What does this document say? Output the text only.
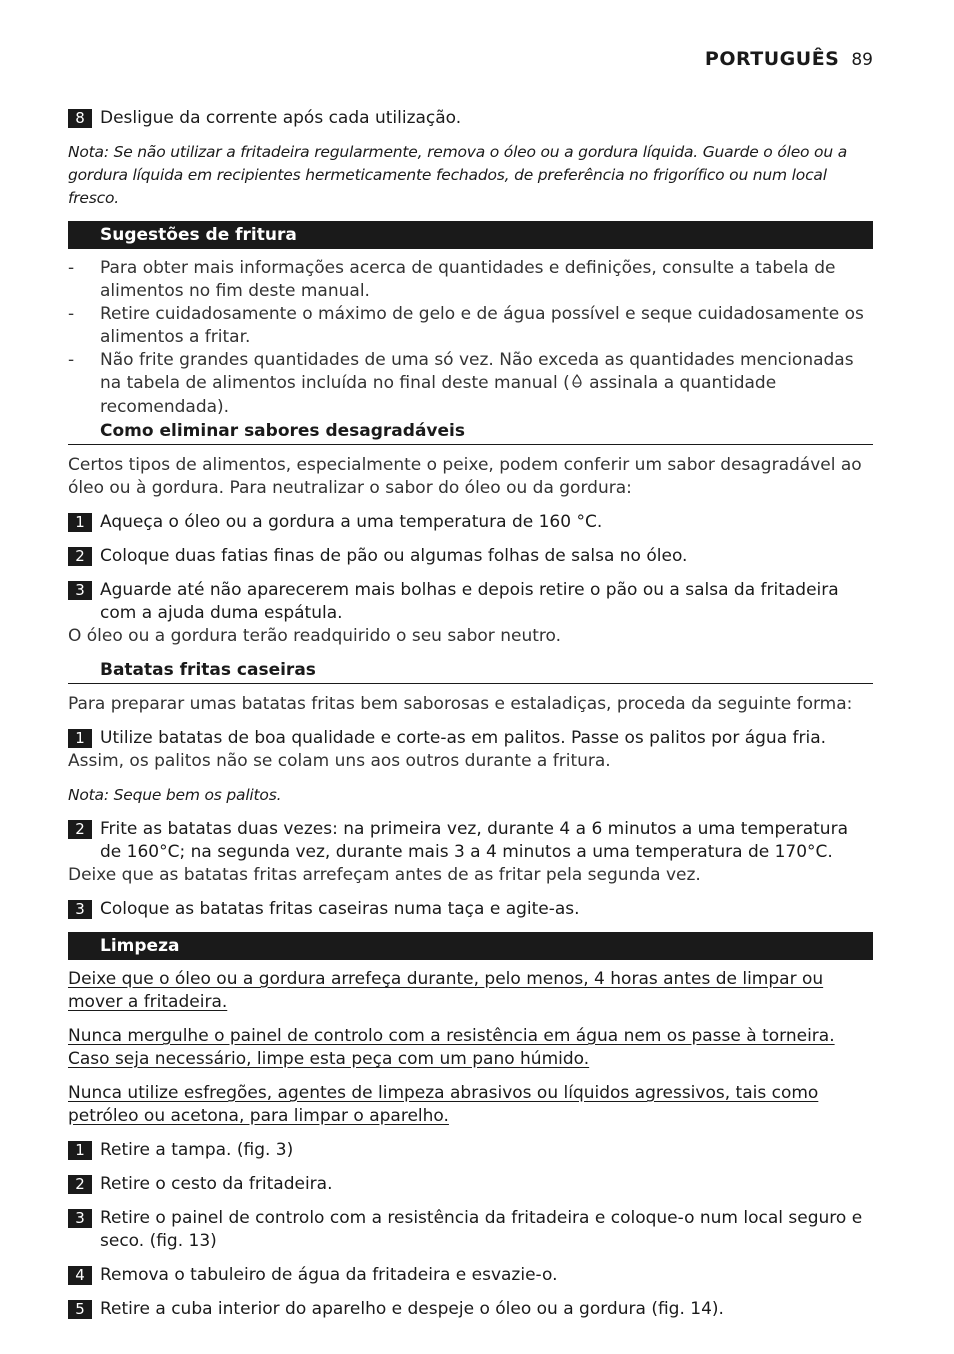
PORTUGUÊS 89
8 Desligue da corrente após cada utilização.

Nota: Se não utilizar a fritadeira regularmente, remova o óleo ou a gordura líquida. Guarde o óleo ou a gordura líquida em recipientes hermeticamente fechados, de preferência no frigorífico ou num local fresco.

Sugestões de fritura
- Para obter mais informações acerca de quantidades e definições, consulte a tabela de alimentos no fim deste manual.
- Retire cuidadosamente o máximo de gelo e de água possível e seque cuidadosamente os alimentos a fritar.
- Não frite grandes quantidades de uma só vez. Não exceda as quantidades mencionadas na tabela de alimentos incluída no final deste manual ( assinala a quantidade recomendada).
Como eliminar sabores desagradáveis

Certos tipos de alimentos, especialmente o peixe, podem conferir um sabor desagradável ao óleo ou à gordura. Para neutralizar o sabor do óleo ou da gordura:

1 Aqueça o óleo ou a gordura a uma temperatura de 160 °C.
2 Coloque duas fatias finas de pão ou algumas folhas de salsa no óleo.
3 Aguarde até não aparecerem mais bolhas e depois retire o pão ou a salsa da fritadeira com a ajuda duma espátula.

O óleo ou a gordura terão readquirido o seu sabor neutro.

Batatas fritas caseiras

Para preparar umas batatas fritas bem saborosas e estaladiças, proceda da seguinte forma:

1 Utilize batatas de boa qualidade e corte-as em palitos. Passe os palitos por água fria.

Assim, os palitos não se colam uns aos outros durante a fritura.

Nota: Seque bem os palitos.

2 Frite as batatas duas vezes: na primeira vez, durante 4 a 6 minutos a uma temperatura de 160°C; na segunda vez, durante mais 3 a 4 minutos a uma temperatura de 170°C.

Deixe que as batatas fritas arrefeçam antes de as fritar pela segunda vez.

3 Coloque as batatas fritas caseiras numa taça e agite-as.
Limpeza

Deixe que o óleo ou a gordura arrefeça durante, pelo menos, 4 horas antes de limpar ou mover a fritadeira.

Nunca mergulhe o painel de controlo com a resistência em água nem os passe à torneira. Caso seja necessário, limpe esta peça com um pano húmido.

Nunca utilize esfregões, agentes de limpeza abrasivos ou líquidos agressivos, tais como petróleo ou acetona, para limpar o aparelho.

1 Retire a tampa. (fig. 3)
2 Retire o cesto da fritadeira.
3 Retire o painel de controlo com a resistência da fritadeira e coloque-o num local seguro e seco. (fig. 13)
4 Remova o tabuleiro de água da fritadeira e esvazie-o.
5 Retire a cuba interior do aparelho e despeje o óleo ou a gordura (fig. 14).
